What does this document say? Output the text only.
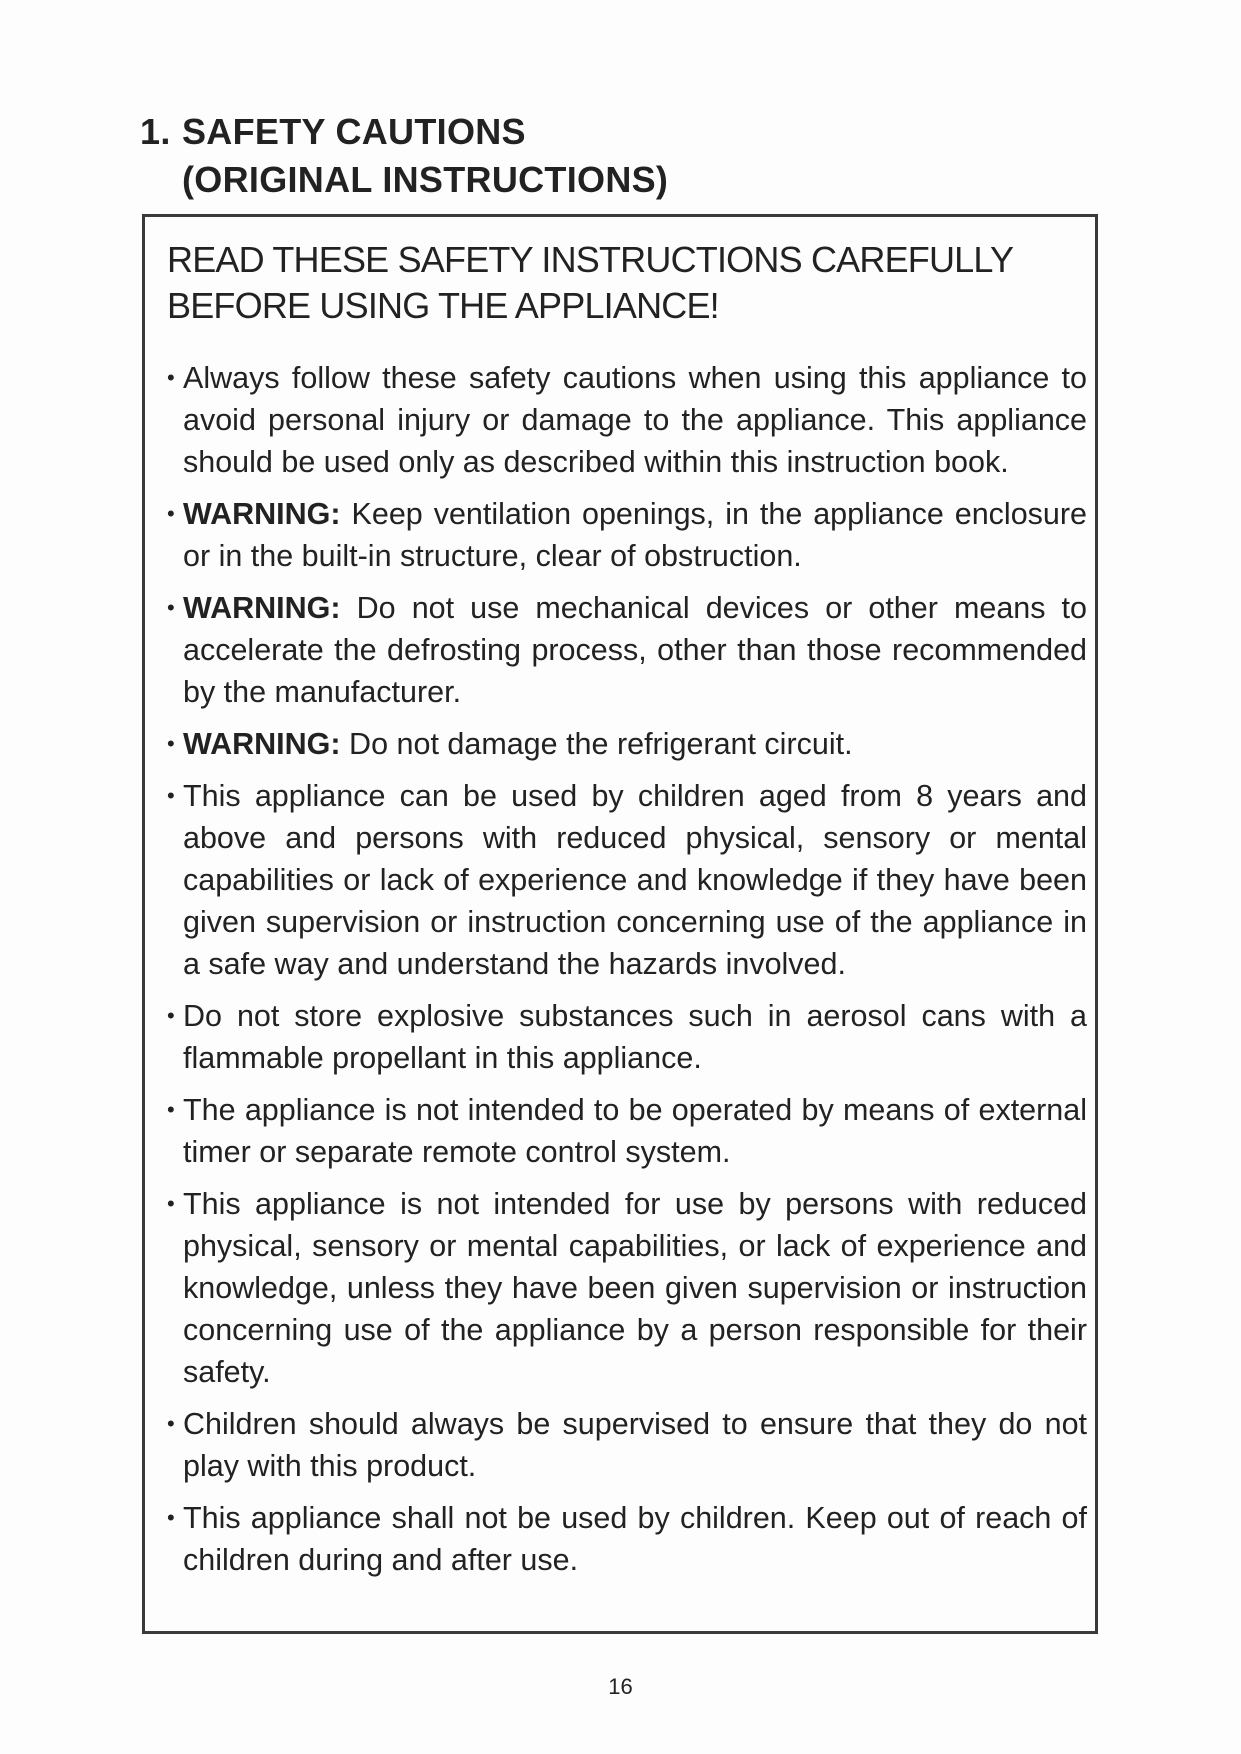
1. SAFETY CAUTIONS
(ORIGINAL INSTRUCTIONS)

READ THESE SAFETY INSTRUCTIONS CAREFULLY BEFORE USING THE APPLIANCE!

• Always follow these safety cautions when using this appliance to avoid personal injury or damage to the appliance. This appliance should be used only as described within this instruction book.
• WARNING: Keep ventilation openings, in the appliance enclosure or in the built-in structure, clear of obstruction.
• WARNING: Do not use mechanical devices or other means to accelerate the defrosting process, other than those recommended by the manufacturer.
• WARNING: Do not damage the refrigerant circuit.
• This appliance can be used by children aged from 8 years and above and persons with reduced physical, sensory or mental capabilities or lack of experience and knowledge if they have been given supervision or instruction concerning use of the appliance in a safe way and understand the hazards involved.
• Do not store explosive substances such in aerosol cans with a flammable propellant in this appliance.
• The appliance is not intended to be operated by means of external timer or separate remote control system.
• This appliance is not intended for use by persons with reduced physical, sensory or mental capabilities, or lack of experience and knowledge, unless they have been given supervision or instruction concerning use of the appliance by a person responsible for their safety.
• Children should always be supervised to ensure that they do not play with this product.
• This appliance shall not be used by children. Keep out of reach of children during and after use.
16
